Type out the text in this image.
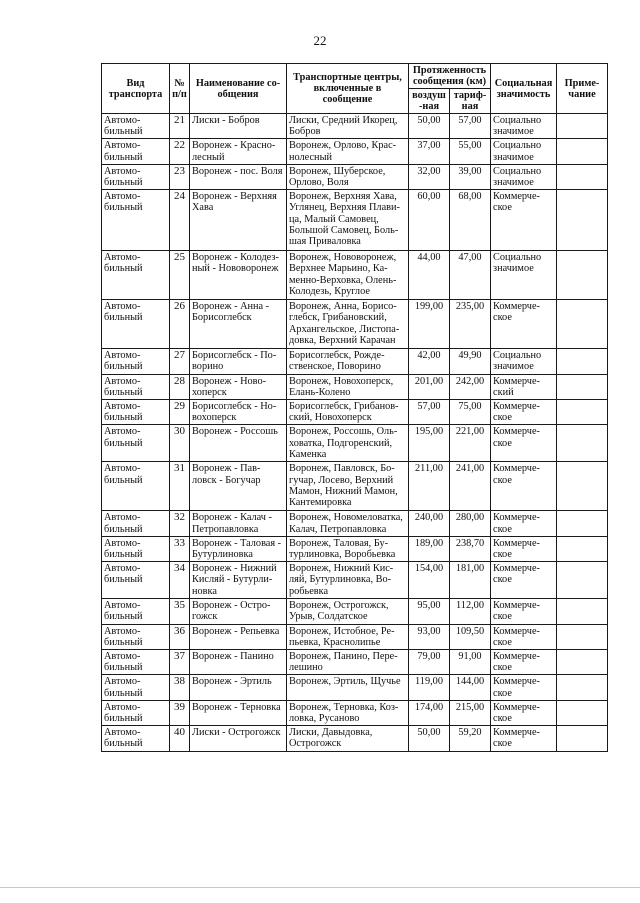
22
Вид транспорта	№ п/п	Наименование со-общения	Транспортные центры, включенные в сообщение	Протяженность сообщения (км)		Социальная значимость	Приме-чание
				воздуш-ная	тариф-ная		
Автомо-бильный	21	Лиски - Бобров	Лиски, Средний Икорец, Бобров	50,00	57,00	Социально значимое	
Автомо-бильный	22	Воронеж - Красно-лесный	Воронеж, Орлово, Крас-нолесный	37,00	55,00	Социально значимое	
Автомо-бильный	23	Воронеж - пос. Воля	Воронеж, Шуберское, Орлово, Воля	32,00	39,00	Социально значимое	
Автомо-бильный	24	Воронеж - Верхняя Хава	Воронеж, Верхняя Хава, Углянец, Верхняя Плави-ца, Малый Самовец, Большой Самовец, Боль-шая Приваловка	60,00	68,00	Коммерче-ское	
Автомо-бильный	25	Воронеж - Колодез-ный - Нововоронеж	Воронеж, Нововоронеж, Верхнее Марьино, Ка-менно-Верховка, Олень-Колодезь, Круглое	44,00	47,00	Социально значимое	
Автомо-бильный	26	Воронеж - Анна - Борисоглебск	Воронеж, Анна, Борисо-глебск, Грибановский, Архангельское, Листопа-довка, Верхний Карачан	199,00	235,00	Коммерче-ское	
Автомо-бильный	27	Борисоглебск - По-ворино	Борисоглебск, Рожде-ственское, Поворино	42,00	49,90	Социально значимое	
Автомо-бильный	28	Воронеж - Ново-хоперск	Воронеж, Новохоперск, Елань-Колено	201,00	242,00	Коммерче-ский	
Автомо-бильный	29	Борисоглебск - Но-вохоперск	Борисоглебск, Грибанов-ский, Новохоперск	57,00	75,00	Коммерче-ское	
Автомо-бильный	30	Воронеж - Россошь	Воронеж, Россошь, Оль-ховатка, Подгоренский, Каменка	195,00	221,00	Коммерче-ское	
Автомо-бильный	31	Воронеж - Пав-ловск - Богучар	Воронеж, Павловск, Бо-гучар, Лосево, Верхний Мамон, Нижний Мамон, Кантемировка	211,00	241,00	Коммерче-ское	
Автомо-бильный	32	Воронеж - Калач - Петропавловка	Воронеж, Новомеловатка, Калач, Петропавловка	240,00	280,00	Коммерче-ское	
Автомо-бильный	33	Воронеж - Таловая - Бутурлиновка	Воронеж, Таловая, Бу-турлиновка, Воробьевка	189,00	238,70	Коммерче-ское	
Автомо-бильный	34	Воронеж - Нижний Кисляй - Бутурли-новка	Воронеж, Нижний Кис-ляй, Бутурлиновка, Во-робьевка	154,00	181,00	Коммерче-ское	
Автомо-бильный	35	Воронеж - Остро-гожск	Воронеж, Острогожск, Урыв, Солдатское	95,00	112,00	Коммерче-ское	
Автомо-бильный	36	Воронеж - Репьевка	Воронеж, Истобное, Ре-пьевка, Краснолипье	93,00	109,50	Коммерче-ское	
Автомо-бильный	37	Воронеж - Панино	Воронеж, Панино, Пере-лешино	79,00	91,00	Коммерче-ское	
Автомо-бильный	38	Воронеж - Эртиль	Воронеж, Эртиль, Щучье	119,00	144,00	Коммерче-ское	
Автомо-бильный	39	Воронеж - Терновка	Воронеж, Терновка, Коз-ловка, Русаново	174,00	215,00	Коммерче-ское	
Автомо-бильный	40	Лиски - Острогожск	Лиски, Давыдовка, Острогожск	50,00	59,20	Коммерче-ское	
